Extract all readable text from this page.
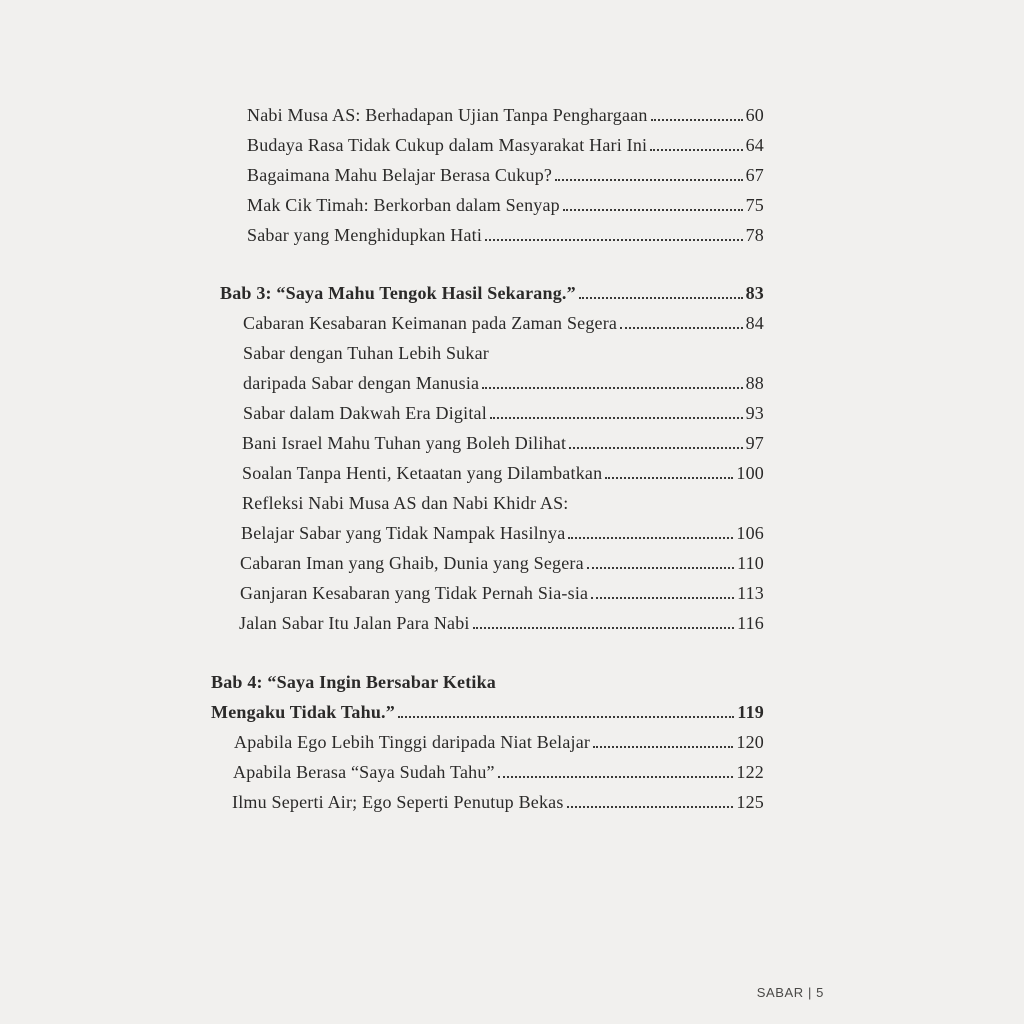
Nabi Musa AS: Berhadapan Ujian Tanpa Penghargaan	60
Budaya Rasa Tidak Cukup dalam Masyarakat Hari Ini	64
Bagaimana Mahu Belajar Berasa Cukup?	67
Mak Cik Timah: Berkorban dalam Senyap	75
Sabar yang Menghidupkan Hati	78
Bab 3: “Saya Mahu Tengok Hasil Sekarang.”	83
Cabaran Kesabaran Keimanan pada Zaman Segera	84
Sabar dengan Tuhan Lebih Sukar
daripada Sabar dengan Manusia	88
Sabar dalam Dakwah Era Digital	93
Bani Israel Mahu Tuhan yang Boleh Dilihat	97
Soalan Tanpa Henti, Ketaatan yang Dilambatkan	100
Refleksi Nabi Musa AS dan Nabi Khidr AS:
Belajar Sabar yang Tidak Nampak Hasilnya	106
Cabaran Iman yang Ghaib, Dunia yang Segera	110
Ganjaran Kesabaran yang Tidak Pernah Sia-sia	113
Jalan Sabar Itu Jalan Para Nabi	116
Bab 4: “Saya Ingin Bersabar Ketika
Mengaku Tidak Tahu.”	119
Apabila Ego Lebih Tinggi daripada Niat Belajar	120
Apabila Berasa “Saya Sudah Tahu”	122
Ilmu Seperti Air; Ego Seperti Penutup Bekas	125
SABAR | 5
